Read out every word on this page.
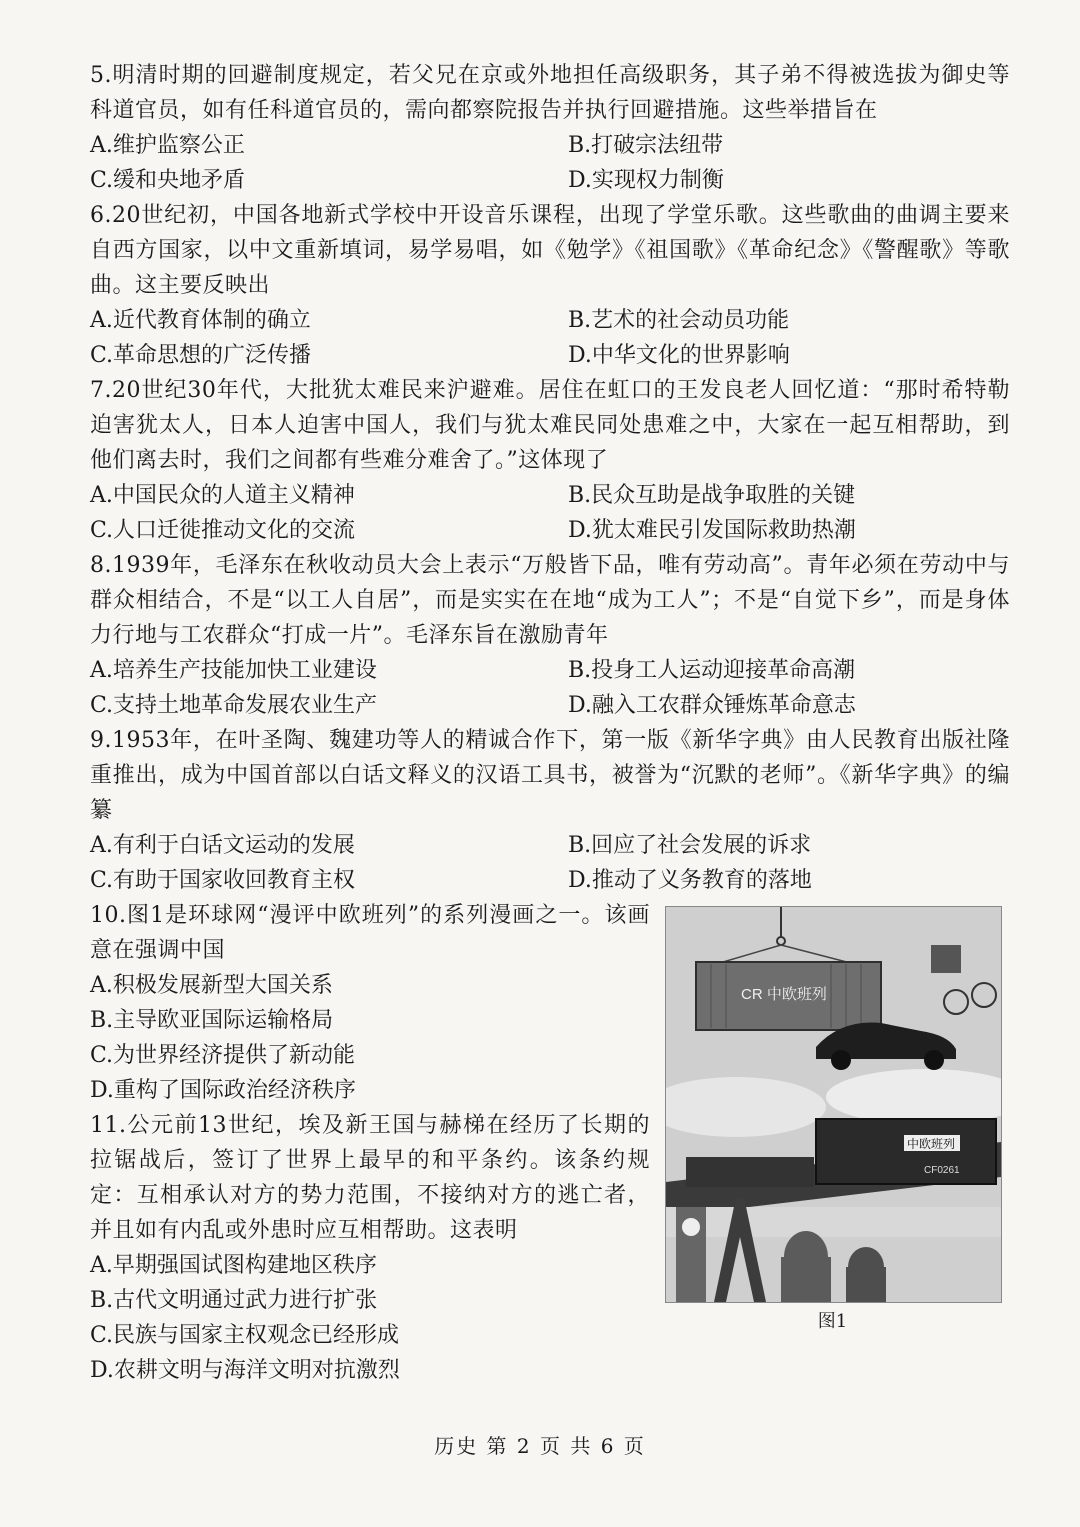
5.明清时期的回避制度规定，若父兄在京或外地担任高级职务，其子弟不得被选拔为御史等科道官员，如有任科道官员的，需向都察院报告并执行回避措施。这些举措旨在

A.维护监察公正	B.打破宗法纽带
C.缓和央地矛盾	D.实现权力制衡

6.20世纪初，中国各地新式学校中开设音乐课程，出现了学堂乐歌。这些歌曲的曲调主要来自西方国家，以中文重新填词，易学易唱，如《勉学》《祖国歌》《革命纪念》《警醒歌》等歌曲。这主要反映出

A.近代教育体制的确立	B.艺术的社会动员功能
C.革命思想的广泛传播	D.中华文化的世界影响

7.20世纪30年代，大批犹太难民来沪避难。居住在虹口的王发良老人回忆道：“那时希特勒迫害犹太人，日本人迫害中国人，我们与犹太难民同处患难之中，大家在一起互相帮助，到他们离去时，我们之间都有些难分难舍了。”这体现了

A.中国民众的人道主义精神	B.民众互助是战争取胜的关键
C.人口迁徙推动文化的交流	D.犹太难民引发国际救助热潮

8.1939年，毛泽东在秋收动员大会上表示“万般皆下品，唯有劳动高”。青年必须在劳动中与群众相结合，不是“以工人自居”，而是实实在在地“成为工人”；不是“自觉下乡”，而是身体力行地与工农群众“打成一片”。毛泽东旨在激励青年

A.培养生产技能加快工业建设	B.投身工人运动迎接革命高潮
C.支持土地革命发展农业生产	D.融入工农群众锤炼革命意志

9.1953年，在叶圣陶、魏建功等人的精诚合作下，第一版《新华字典》由人民教育出版社隆重推出，成为中国首部以白话文释义的汉语工具书，被誉为“沉默的老师”。《新华字典》的编纂

A.有利于白话文运动的发展	B.回应了社会发展的诉求
C.有助于国家收回教育主权	D.推动了义务教育的落地

10.图1是环球网“漫评中欧班列”的系列漫画之一。该画意在强调中国

A.积极发展新型大国关系
B.主导欧亚国际运输格局
C.为世界经济提供了新动能
D.重构了国际政治经济秩序

11.公元前13世纪，埃及新王国与赫梯在经历了长期的拉锯战后，签订了世界上最早的和平条约。该条约规定：互相承认对方的势力范围，不接纳对方的逃亡者，并且如有内乱或外患时应互相帮助。这表明

A.早期强国试图构建地区秩序
B.古代文明通过武力进行扩张
C.民族与国家主权观念已经形成
D.农耕文明与海洋文明对抗激烈
CR 中欧班列
中欧班列
CF0261
图1
历史 第 2 页 共 6 页
